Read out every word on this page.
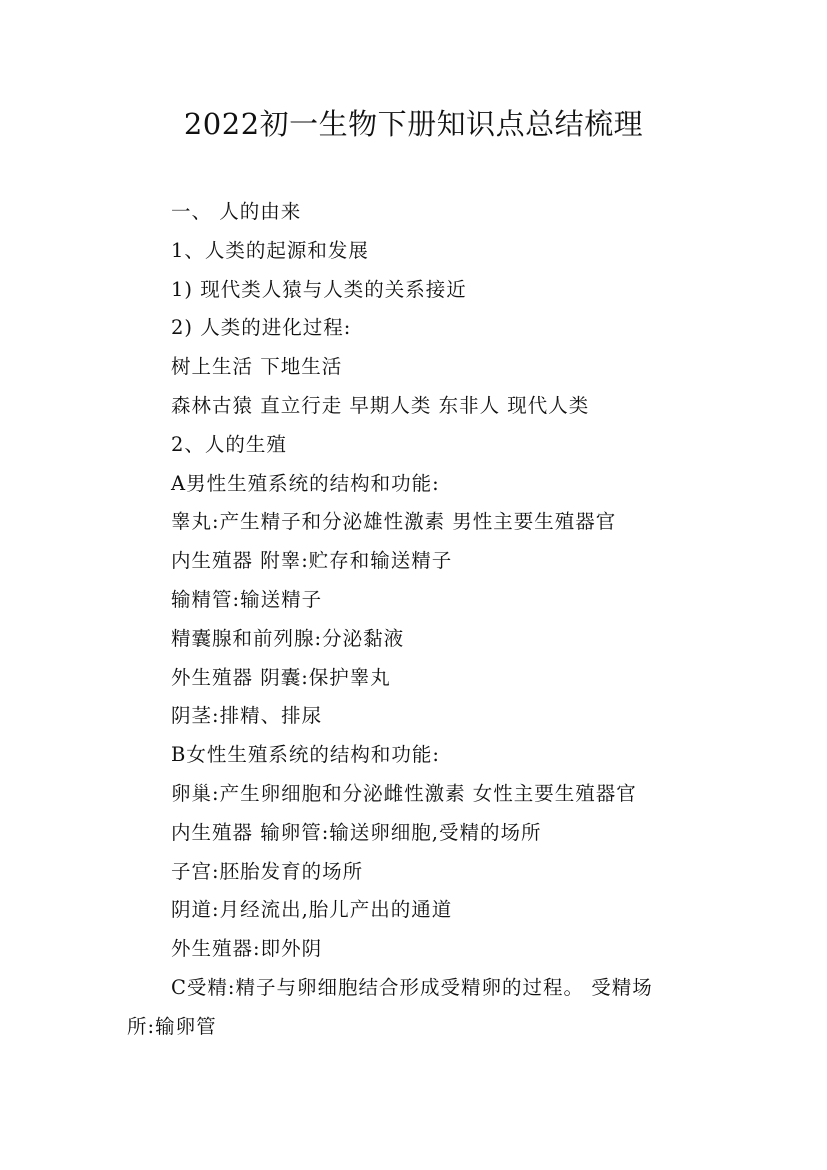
2022初一生物下册知识点总结梳理
一、 人的由来
1、人类的起源和发展
1) 现代类人猿与人类的关系接近
2) 人类的进化过程:
树上生活 下地生活
森林古猿 直立行走 早期人类 东非人 现代人类
2、人的生殖
A男性生殖系统的结构和功能:
睾丸:产生精子和分泌雄性激素 男性主要生殖器官
内生殖器 附睾:贮存和输送精子
输精管:输送精子
精囊腺和前列腺:分泌黏液
外生殖器 阴囊:保护睾丸
阴茎:排精、排尿
B女性生殖系统的结构和功能:
卵巢:产生卵细胞和分泌雌性激素 女性主要生殖器官
内生殖器 输卵管:输送卵细胞,受精的场所
子宫:胚胎发育的场所
阴道:月经流出,胎儿产出的通道
外生殖器:即外阴
C受精:精子与卵细胞结合形成受精卵的过程。 受精场
所:输卵管
